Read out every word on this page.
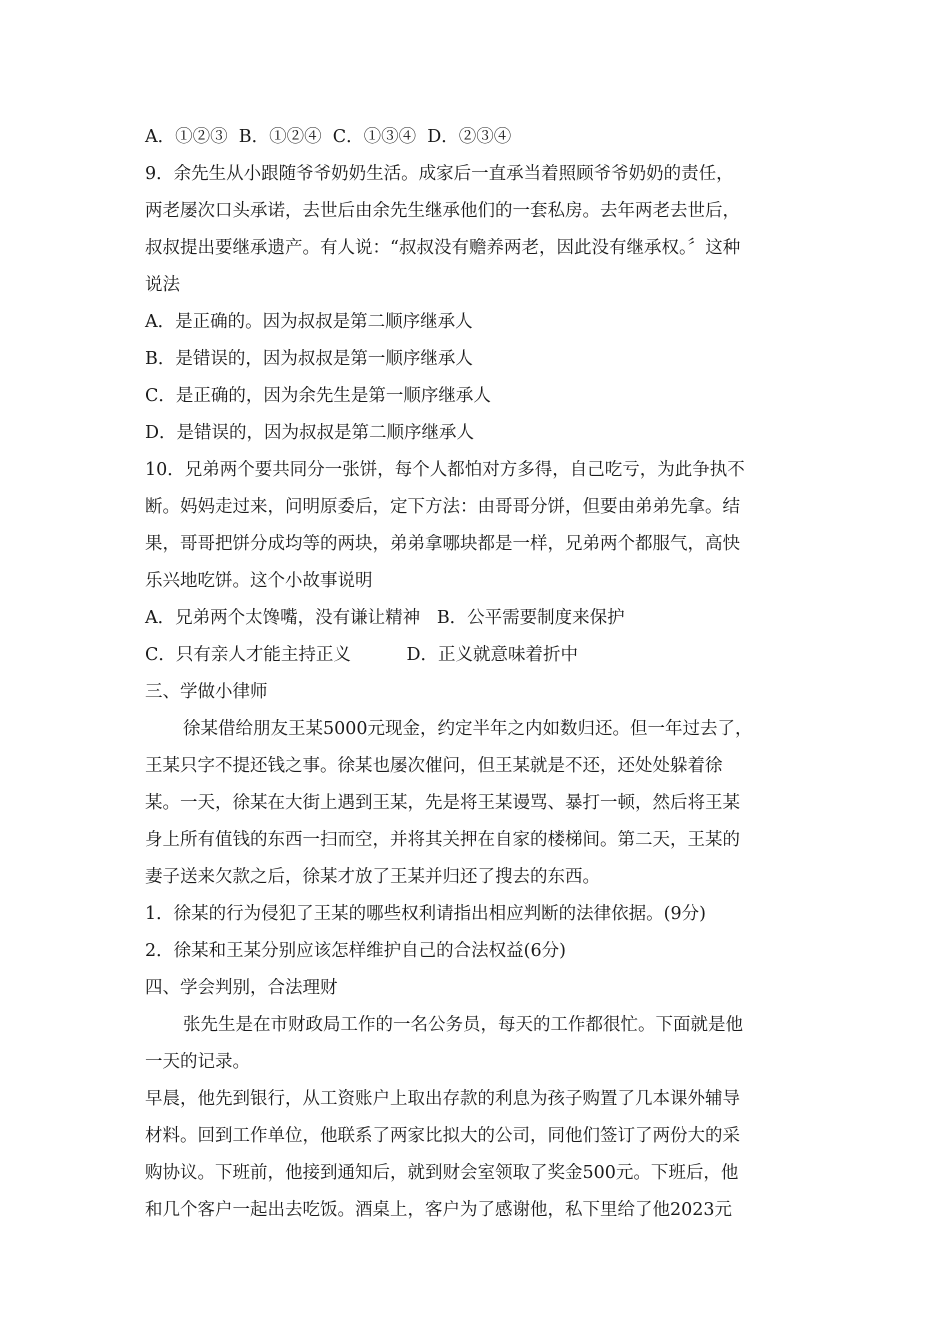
A．①②③  B．①②④  C．①③④  D．②③④
9．余先生从小跟随爷爷奶奶生活。成家后一直承当着照顾爷爷奶奶的责任，
两老屡次口头承诺，去世后由余先生继承他们的一套私房。去年两老去世后，
叔叔提出要继承遗产。有人说：“叔叔没有赡养两老，因此没有继承权。〞这种
说法
A．是正确的。因为叔叔是第二顺序继承人
B．是错误的，因为叔叔是第一顺序继承人
C．是正确的，因为余先生是第一顺序继承人
D．是错误的，因为叔叔是第二顺序继承人
10．兄弟两个要共同分一张饼，每个人都怕对方多得，自己吃亏，为此争执不
断。妈妈走过来，问明原委后，定下方法：由哥哥分饼，但要由弟弟先拿。结
果，哥哥把饼分成均等的两块，弟弟拿哪块都是一样，兄弟两个都服气，高快
乐兴地吃饼。这个小故事说明
A．兄弟两个太馋嘴，没有谦让精神   B．公平需要制度来保护
C．只有亲人才能主持正义          D．正义就意味着折中
三、学做小律师
徐某借给朋友王某5000元现金，约定半年之内如数归还。但一年过去了，
王某只字不提还钱之事。徐某也屡次催问，但王某就是不还，还处处躲着徐
某。一天，徐某在大街上遇到王某，先是将王某谩骂、暴打一顿，然后将王某
身上所有值钱的东西一扫而空，并将其关押在自家的楼梯间。第二天，王某的
妻子送来欠款之后，徐某才放了王某并归还了搜去的东西。
1．徐某的行为侵犯了王某的哪些权利请指出相应判断的法律依据。(9分)
2．徐某和王某分别应该怎样维护自己的合法权益(6分)
四、学会判别，合法理财
张先生是在市财政局工作的一名公务员，每天的工作都很忙。下面就是他
一天的记录。
早晨，他先到银行，从工资账户上取出存款的利息为孩子购置了几本课外辅导
材料。回到工作单位，他联系了两家比拟大的公司，同他们签订了两份大的采
购协议。下班前，他接到通知后，就到财会室领取了奖金500元。下班后，他
和几个客户一起出去吃饭。酒桌上，客户为了感谢他，私下里给了他2023元
